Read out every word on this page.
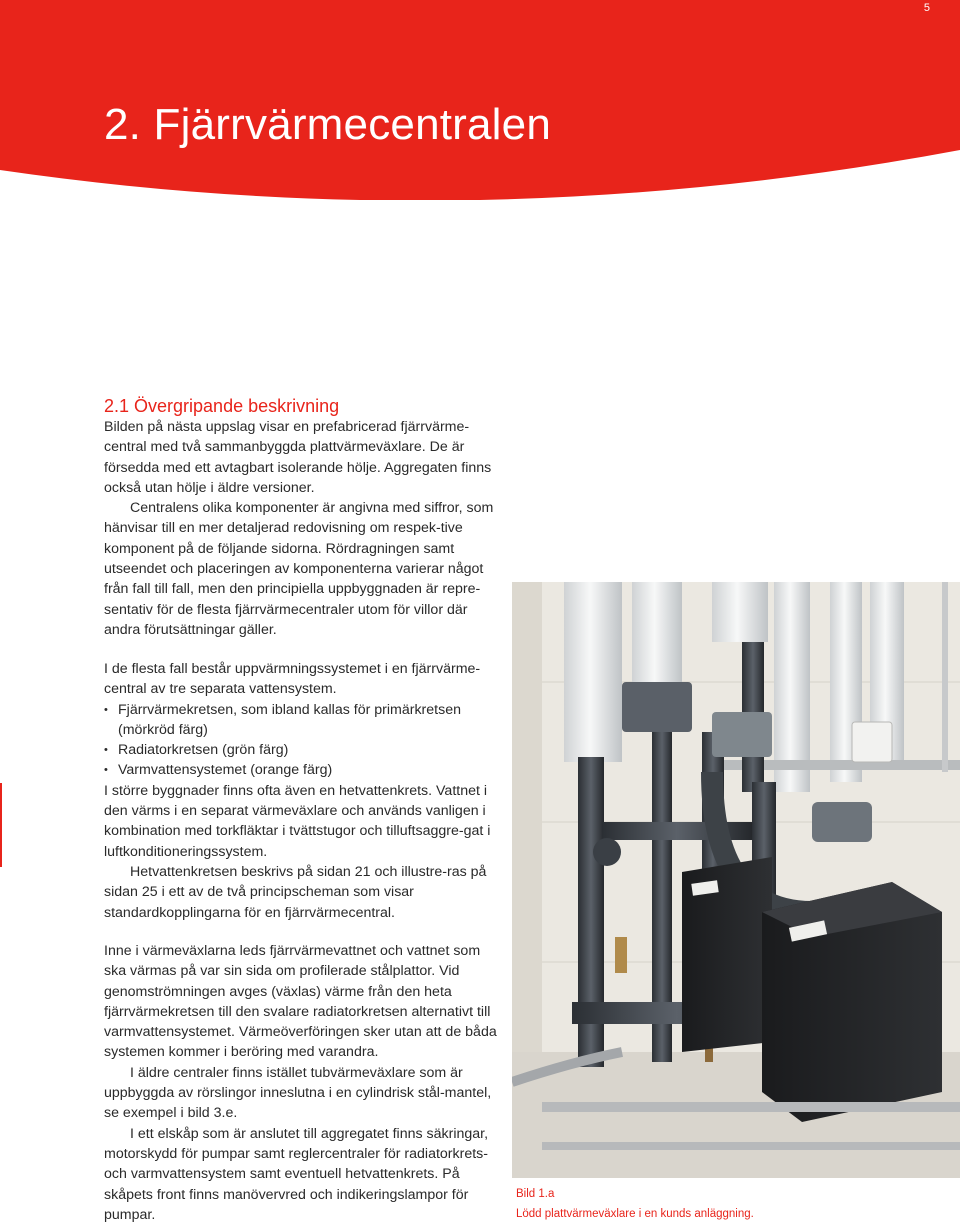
5
2. Fjärrvärmecentralen
2.1 Övergripande beskrivning

Bilden på nästa uppslag visar en prefabricerad fjärrvärme-central med två sammanbyggda plattvärmeväxlare. De är försedda med ett avtagbart isolerande hölje. Aggregaten finns också utan hölje i äldre versioner.

Centralens olika komponenter är angivna med siffror, som hänvisar till en mer detaljerad redovisning om respek-tive komponent på de följande sidorna. Rördragningen samt utseendet och placeringen av komponenterna varierar något från fall till fall, men den principiella uppbyggnaden är repre-sentativ för de flesta fjärrvärmecentraler utom för villor där andra förutsättningar gäller.

I de flesta fall består uppvärmningssystemet i en fjärrvärme-central av tre separata vattensystem.

• Fjärrvärmekretsen, som ibland kallas för primärkretsen (mörkröd färg)
• Radiatorkretsen (grön färg)
• Varmvattensystemet (orange färg)

I större byggnader finns ofta även en hetvattenkrets. Vattnet i den värms i en separat värmeväxlare och används vanligen i kombination med torkfläktar i tvättstugor och tilluftsaggre-gat i luftkonditioneringssystem.

Hetvattenkretsen beskrivs på sidan 21 och illustre-ras på sidan 25 i ett av de två principscheman som visar standardkopplingarna för en fjärrvärmecentral.

Inne i värmeväxlarna leds fjärrvärmevattnet och vattnet som ska värmas på var sin sida om profilerade stålplattor. Vid genomströmningen avges (växlas) värme från den heta fjärrvärmekretsen till den svalare radiatorkretsen alternativt till varmvattensystemet. Värmeöverföringen sker utan att de båda systemen kommer i beröring med varandra.

I äldre centraler finns istället tubvärmeväxlare som är uppbyggda av rörslingor inneslutna i en cylindrisk stål-mantel, se exempel i bild 3.e.

I ett elskåp som är anslutet till aggregatet finns säkringar, motorskydd för pumpar samt reglercentraler för radiatorkrets- och varmvattensystem samt eventuell hetvattenkrets. På skåpets front finns manövervred och indikeringslampor för pumpar.

Bild 1.a
Lödd plattvärmeväxlare i en kunds anläggning.
